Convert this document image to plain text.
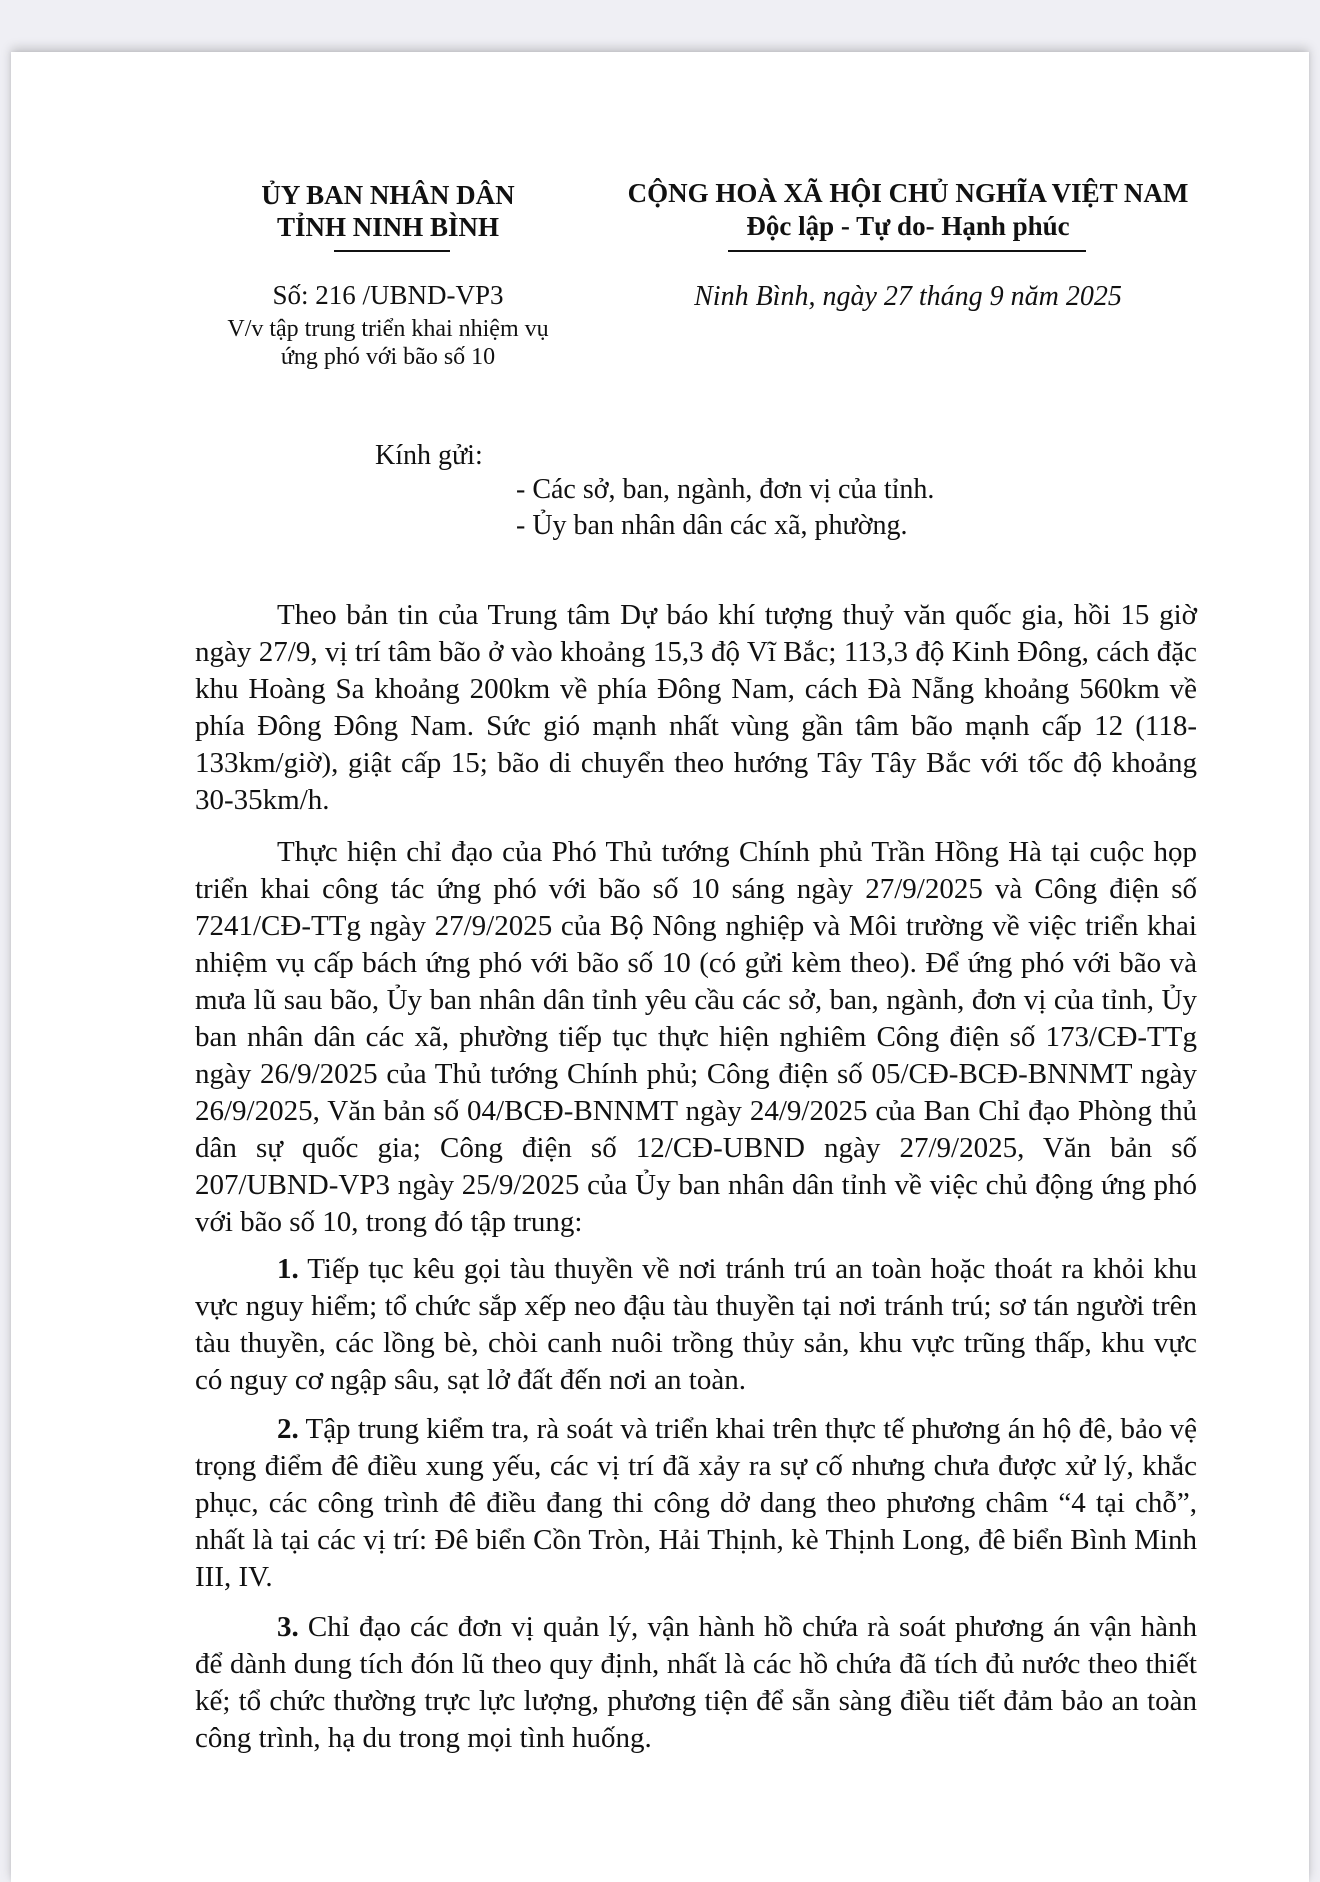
ỦY BAN NHÂN DÂN
TỈNH NINH BÌNH
Số: 216 /UBND-VP3
V/v tập trung triển khai nhiệm vụ
ứng phó với bão số 10
CỘNG HOÀ XÃ HỘI CHỦ NGHĨA VIỆT NAM
Độc lập - Tự do- Hạnh phúc
Ninh Bình, ngày 27 tháng 9 năm 2025
Kính gửi:
- Các sở, ban, ngành, đơn vị của tỉnh.
- Ủy ban nhân dân các xã, phường.
Theo bản tin của Trung tâm Dự báo khí tượng thuỷ văn quốc gia, hồi 15 giờ ngày 27/9, vị trí tâm bão ở vào khoảng 15,3 độ Vĩ Bắc; 113,3 độ Kinh Đông, cách đặc khu Hoàng Sa khoảng 200km về phía Đông Nam, cách Đà Nẵng khoảng 560km về phía Đông Đông Nam. Sức gió mạnh nhất vùng gần tâm bão mạnh cấp 12 (118-133km/giờ), giật cấp 15; bão di chuyển theo hướng Tây Tây Bắc với tốc độ khoảng 30-35km/h.
Thực hiện chỉ đạo của Phó Thủ tướng Chính phủ Trần Hồng Hà tại cuộc họp triển khai công tác ứng phó với bão số 10 sáng ngày 27/9/2025 và Công điện số 7241/CĐ-TTg ngày 27/9/2025 của Bộ Nông nghiệp và Môi trường về việc triển khai nhiệm vụ cấp bách ứng phó với bão số 10 (có gửi kèm theo). Để ứng phó với bão và mưa lũ sau bão, Ủy ban nhân dân tỉnh yêu cầu các sở, ban, ngành, đơn vị của tỉnh, Ủy ban nhân dân các xã, phường tiếp tục thực hiện nghiêm Công điện số 173/CĐ-TTg ngày 26/9/2025 của Thủ tướng Chính phủ; Công điện số 05/CĐ-BCĐ-BNNMT ngày 26/9/2025, Văn bản số 04/BCĐ-BNNMT ngày 24/9/2025 của Ban Chỉ đạo Phòng thủ dân sự quốc gia; Công điện số 12/CĐ-UBND ngày 27/9/2025, Văn bản số 207/UBND-VP3 ngày 25/9/2025 của Ủy ban nhân dân tỉnh về việc chủ động ứng phó với bão số 10, trong đó tập trung:
1. Tiếp tục kêu gọi tàu thuyền về nơi tránh trú an toàn hoặc thoát ra khỏi khu vực nguy hiểm; tổ chức sắp xếp neo đậu tàu thuyền tại nơi tránh trú; sơ tán người trên tàu thuyền, các lồng bè, chòi canh nuôi trồng thủy sản, khu vực trũng thấp, khu vực có nguy cơ ngập sâu, sạt lở đất đến nơi an toàn.
2. Tập trung kiểm tra, rà soát và triển khai trên thực tế phương án hộ đê, bảo vệ trọng điểm đê điều xung yếu, các vị trí đã xảy ra sự cố nhưng chưa được xử lý, khắc phục, các công trình đê điều đang thi công dở dang theo phương châm “4 tại chỗ”, nhất là tại các vị trí: Đê biển Cồn Tròn, Hải Thịnh, kè Thịnh Long, đê biển Bình Minh III, IV.
3. Chỉ đạo các đơn vị quản lý, vận hành hồ chứa rà soát phương án vận hành để dành dung tích đón lũ theo quy định, nhất là các hồ chứa đã tích đủ nước theo thiết kế; tổ chức thường trực lực lượng, phương tiện để sẵn sàng điều tiết đảm bảo an toàn công trình, hạ du trong mọi tình huống.
